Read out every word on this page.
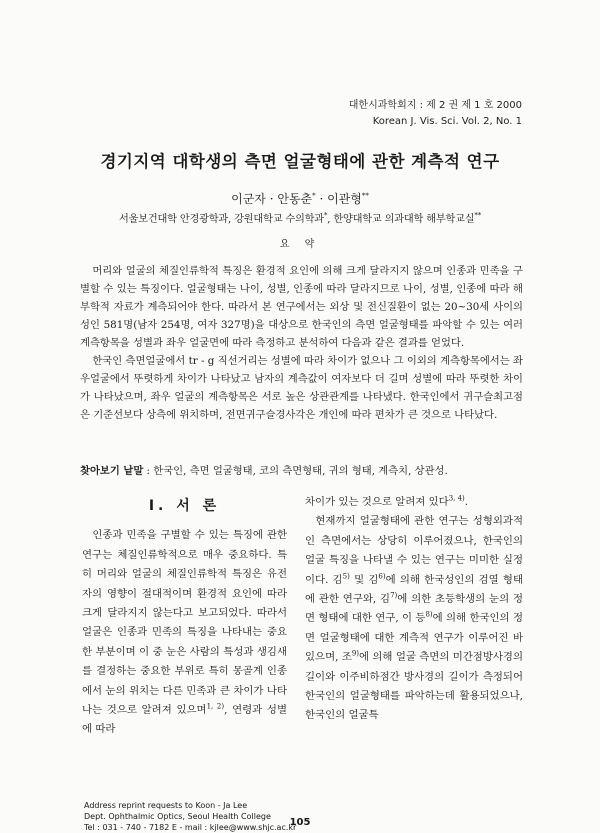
대한시과학회지 : 제 2 권 제 1 호 2000
Korean J. Vis. Sci. Vol. 2, No. 1
경기지역 대학생의 측면 얼굴형태에 관한 계측적 연구
이군자 · 안동춘* · 이관형**
서울보건대학 안경광학과, 강원대학교 수의학과*, 한양대학교 의과대학 해부학교실**
요 약

머리와 얼굴의 체질인류학적 특징은 환경적 요인에 의해 크게 달라지지 않으며 인종과 민족을 구별할 수 있는 특징이다. 얼굴형태는 나이, 성별, 인종에 따라 달라지므로 나이, 성별, 인종에 따라 해부학적 자료가 계측되어야 한다. 따라서 본 연구에서는 외상 및 전신질환이 없는 20~30세 사이의 성인 581명(남자 254명, 여자 327명)을 대상으로 한국인의 측면 얼굴형태를 파악할 수 있는 여러 계측항목을 성별과 좌우 얼굴면에 따라 측정하고 분석하여 다음과 같은 결과를 얻었다.

한국인 측면얼굴에서 tr - g 직선거리는 성별에 따라 차이가 없으나 그 이외의 계측항목에서는 좌우얼굴에서 뚜렷하게 차이가 나타났고 남자의 계측값이 여자보다 더 길며 성별에 따라 뚜렷한 차이가 나타났으며, 좌우 얼굴의 계측항목은 서로 높은 상관관계를 나타냈다. 한국인에서 귀구슬최고점은 기준선보다 상측에 위치하며, 전면귀구슬경사각은 개인에 따라 편차가 큰 것으로 나타났다.

찾아보기 낱말 : 한국인, 측면 얼굴형태, 코의 측면형태, 귀의 형태, 계측치, 상관성.
I. 서 론

인종과 민족을 구별할 수 있는 특징에 관한 연구는 체질인류학적으로 매우 중요하다. 특히 머리와 얼굴의 체질인류학적 특징은 유전자의 영향이 절대적이며 환경적 요인에 따라 크게 달라지지 않는다고 보고되었다. 따라서 얼굴은 인종과 민족의 특징을 나타내는 중요한 부분이며 이 중 눈은 사람의 특성과 생김새를 결정하는 중요한 부위로 특히 몽골계 인종에서 눈의 위치는 다른 민족과 큰 차이가 나타나는 것으로 알려져 있으며$^{1, 2)}$, 연령과 성별에 따라

차이가 있는 것으로 알려져 있다$^{3, 4)}$.

현재까지 얼굴형태에 관한 연구는 성형외과적인 측면에서는 상당히 이루어졌으나, 한국인의 얼굴 특징을 나타낼 수 있는 연구는 미미한 실정이다. 김$^{5)}$ 및 김$^{6)}$에 의해 한국성인의 검열 형태에 관한 연구와, 김$^{7)}$에 의한 초등학생의 눈의 정면 형태에 대한 연구, 이 등$^{8)}$에 의해 한국인의 정면 얼굴형태에 대한 계측적 연구가 이루어진 바 있으며, 조$^{9)}$에 의해 얼굴 측면의 미간점방사경의 길이와 이주비하점간 방사경의 길이가 측정되어 한국인의 얼굴형태를 파악하는데 활용되었으나, 한국인의 얼굴특

Address reprint requests to Koon - Ja Lee
Dept. Ophthalmic Optics, Seoul Health College
Tel : 031 - 740 - 7182 E - mail : kjlee@www.shjc.ac.kr
105
